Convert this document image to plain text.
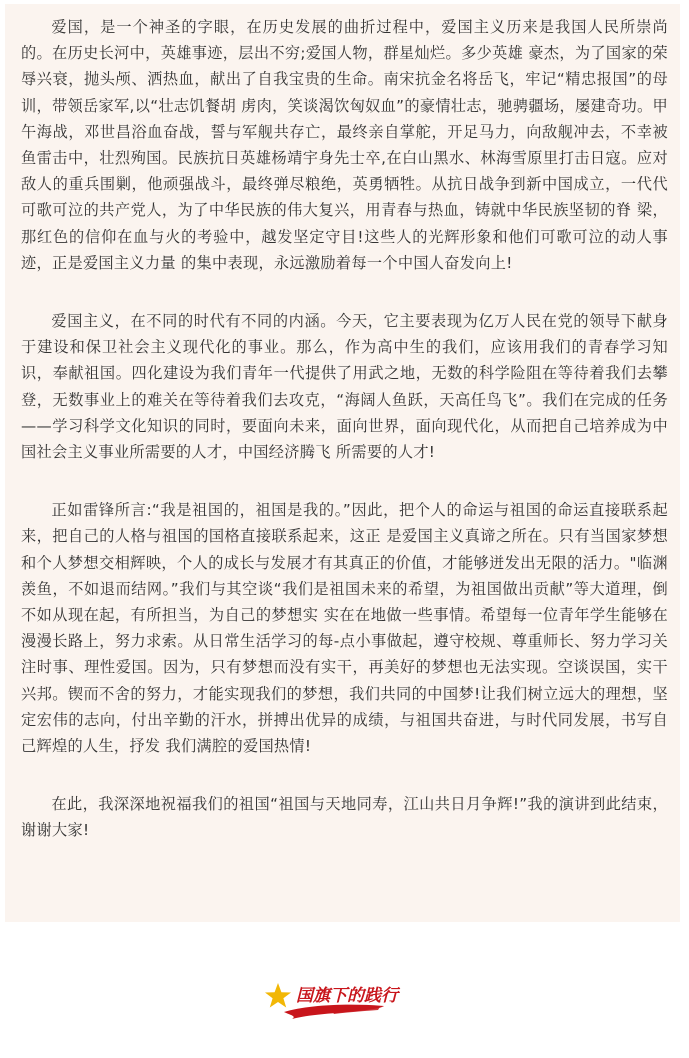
爱国，是一个神圣的字眼，在历史发展的曲折过程中，爱国主义历来是我国人民所崇尚的。在历史长河中，英雄事迹，层出不穷;爱国人物，群星灿烂。多少英雄 豪杰，为了国家的荣辱兴衰，抛头颅、洒热血，献出了自我宝贵的生命。南宋抗金名将岳飞，牢记“精忠报国”的母训，带领岳家军,以“壮志饥餐胡 虏肉，笑谈渴饮匈奴血”的豪情壮志，驰骋疆场，屡建奇功。甲午海战，邓世昌浴血奋战，誓与军舰共存亡，最终亲自掌舵，开足马力，向敌舰冲去，不幸被鱼雷击中，壮烈殉国。民族抗日英雄杨靖宇身先士卒,在白山黑水、林海雪原里打击日寇。应对敌人的重兵围剿，他顽强战斗，最终弹尽粮绝，英勇牺牲。从抗日战争到新中国成立，一代代可歌可泣的共产党人，为了中华民族的伟大复兴，用青春与热血，铸就中华民族坚韧的脊 梁，那红色的信仰在血与火的考验中，越发坚定守目!这些人的光辉形象和他们可歌可泣的动人事迹，正是爱国主义力量 的集中表现，永远激励着每一个中国人奋发向上!

爱国主义，在不同的时代有不同的内涵。今天，它主要表现为亿万人民在党的领导下献身于建设和保卫社会主义现代化的事业。那么，作为高中生的我们，应该用我们的青春学习知识，奉献祖国。四化建设为我们青年一代提供了用武之地，无数的科学险阻在等待着我们去攀登，无数事业上的难关在等待着我们去攻克，“海阔人鱼跃，天高任鸟飞”。我们在完成的任务——学习科学文化知识的同时，要面向未来，面向世界，面向现代化，从而把自己培养成为中国社会主义事业所需要的人才，中国经济腾飞 所需要的人才!

正如雷锋所言:“我是祖国的，祖国是我的。”因此，把个人的命运与祖国的命运直接联系起来，把自己的人格与祖国的国格直接联系起来，这正 是爱国主义真谛之所在。只有当国家梦想和个人梦想交相辉映，个人的成长与发展才有其真正的价值，才能够迸发出无限的活力。"临渊羡鱼，不如退而结网。”我们与其空谈“我们是祖国未来的希望，为祖国做出贡献”等大道理，倒不如从现在起，有所担当，为自己的梦想实 实在在地做一些事情。希望每一位青年学生能够在漫漫长路上，努力求索。从日常生活学习的每-点小事做起，遵守校规、尊重师长、努力学习关注时事、理性爱国。因为，只有梦想而没有实干，再美好的梦想也无法实现。空谈误国，实干兴邦。锲而不舍的努力，才能实现我们的梦想，我们共同的中国梦!让我们树立远大的理想，坚定宏伟的志向，付出辛勤的汗水，拼搏出优异的成绩，与祖国共奋进，与时代同发展，书写自己辉煌的人生，抒发 我们满腔的爱国热情!

在此，我深深地祝福我们的祖国“祖国与天地同寿，江山共日月争辉!”我的演讲到此结束，谢谢大家!

国旗下的践行
